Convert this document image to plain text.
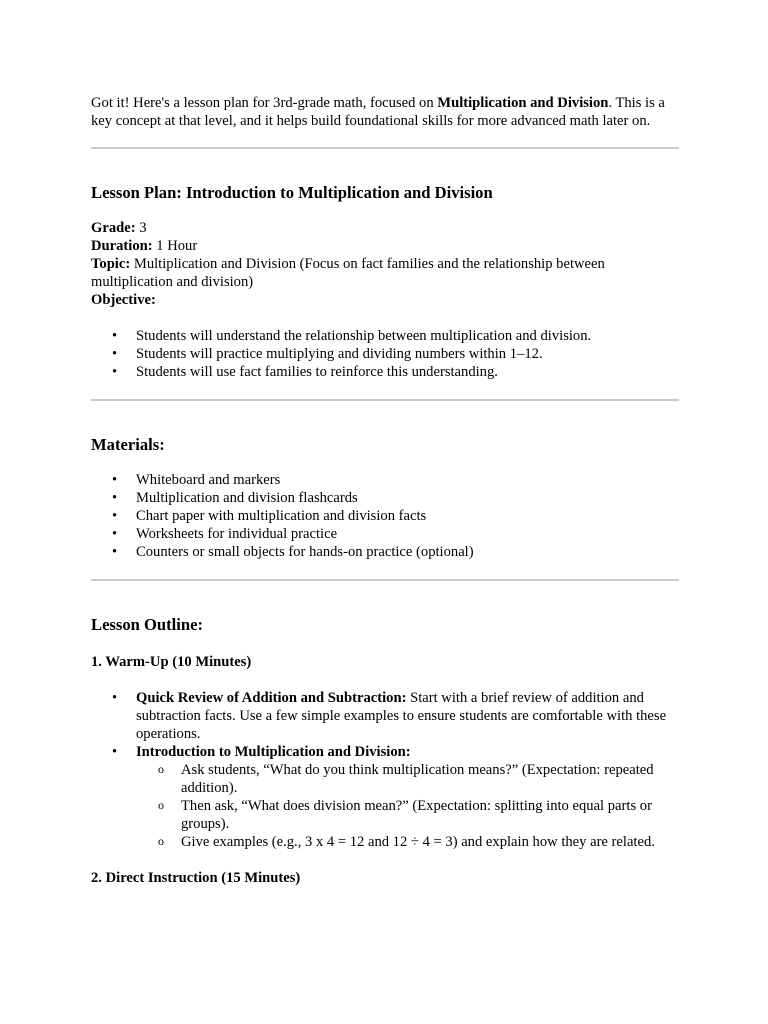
Got it! Here's a lesson plan for 3rd-grade math, focused on Multiplication and Division. This is a key concept at that level, and it helps build foundational skills for more advanced math later on.

Lesson Plan: Introduction to Multiplication and Division

Grade: 3

Duration: 1 Hour

Topic: Multiplication and Division (Focus on fact families and the relationship between multiplication and division)

Objective:

• Students will understand the relationship between multiplication and division.
• Students will practice multiplying and dividing numbers within 1–12.
• Students will use fact families to reinforce this understanding.
Materials:
• Whiteboard and markers
• Multiplication and division flashcards
• Chart paper with multiplication and division facts
• Worksheets for individual practice
• Counters or small objects for hands-on practice (optional)
Lesson Outline:
1. Warm-Up (10 Minutes)
• Quick Review of Addition and Subtraction: Start with a brief review of addition and subtraction facts. Use a few simple examples to ensure students are comfortable with these operations.
• Introduction to Multiplication and Division:
o Ask students, “What do you think multiplication means?” (Expectation: repeated addition).
o Then ask, “What does division mean?” (Expectation: splitting into equal parts or groups).
o Give examples (e.g., 3 x 4 = 12 and 12 ÷ 4 = 3) and explain how they are related.
2. Direct Instruction (15 Minutes)
